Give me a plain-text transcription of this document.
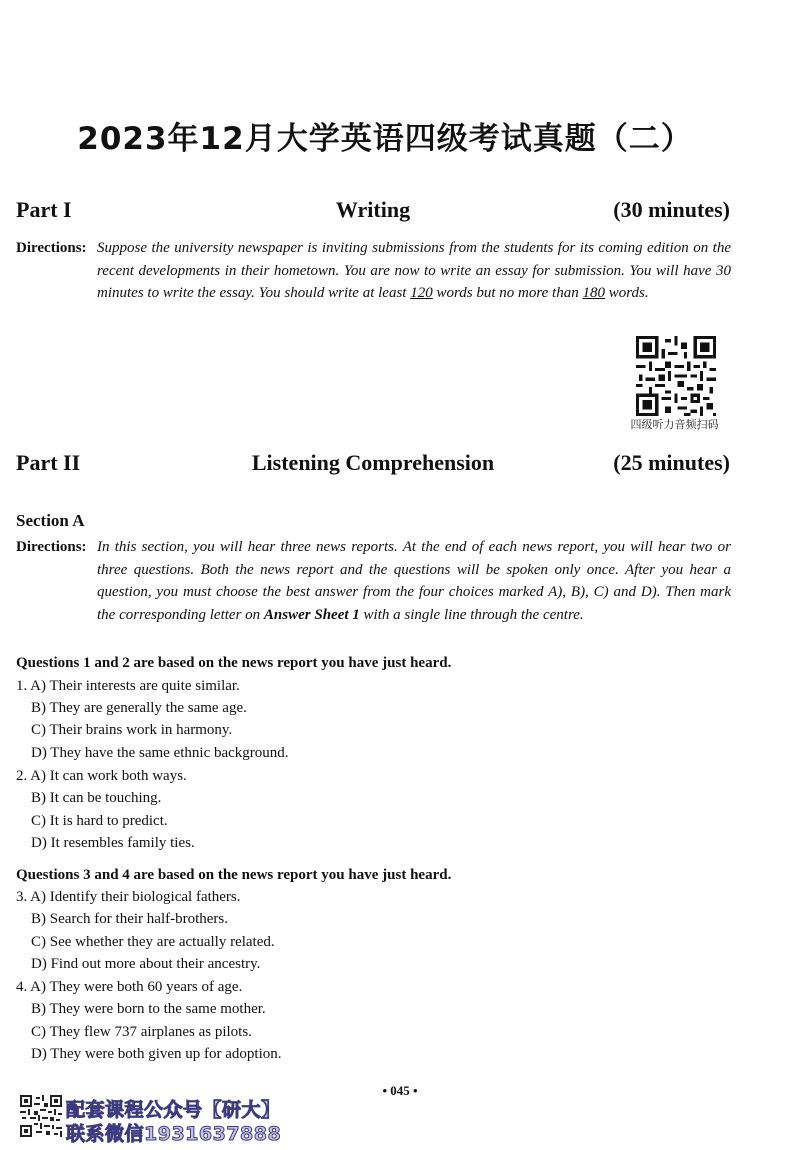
2023年12月大学英语四级考试真题（二）
Part I	Writing	(30 minutes)
Directions: Suppose the university newspaper is inviting submissions from the students for its coming edition on the recent developments in their hometown. You are now to write an essay for submission. You will have 30 minutes to write the essay. You should write at least 120 words but no more than 180 words.
四级听力音频扫码
Part II	Listening Comprehension	(25 minutes)
Section A
Directions: In this section, you will hear three news reports. At the end of each news report, you will hear two or three questions. Both the news report and the questions will be spoken only once. After you hear a question, you must choose the best answer from the four choices marked A), B), C) and D). Then mark the corresponding letter on Answer Sheet 1 with a single line through the centre.
Questions 1 and 2 are based on the news report you have just heard.
1. A) Their interests are quite similar.
B) They are generally the same age.
C) Their brains work in harmony.
D) They have the same ethnic background.
2. A) It can work both ways.
B) It can be touching.
C) It is hard to predict.
D) It resembles family ties.
Questions 3 and 4 are based on the news report you have just heard.
3. A) Identify their biological fathers.
B) Search for their half-brothers.
C) See whether they are actually related.
D) Find out more about their ancestry.
4. A) They were both 60 years of age.
B) They were born to the same mother.
C) They flew 737 airplanes as pilots.
D) They were both given up for adoption.
• 045 •
配套课程公众号【研大】
联系微信1931637888
